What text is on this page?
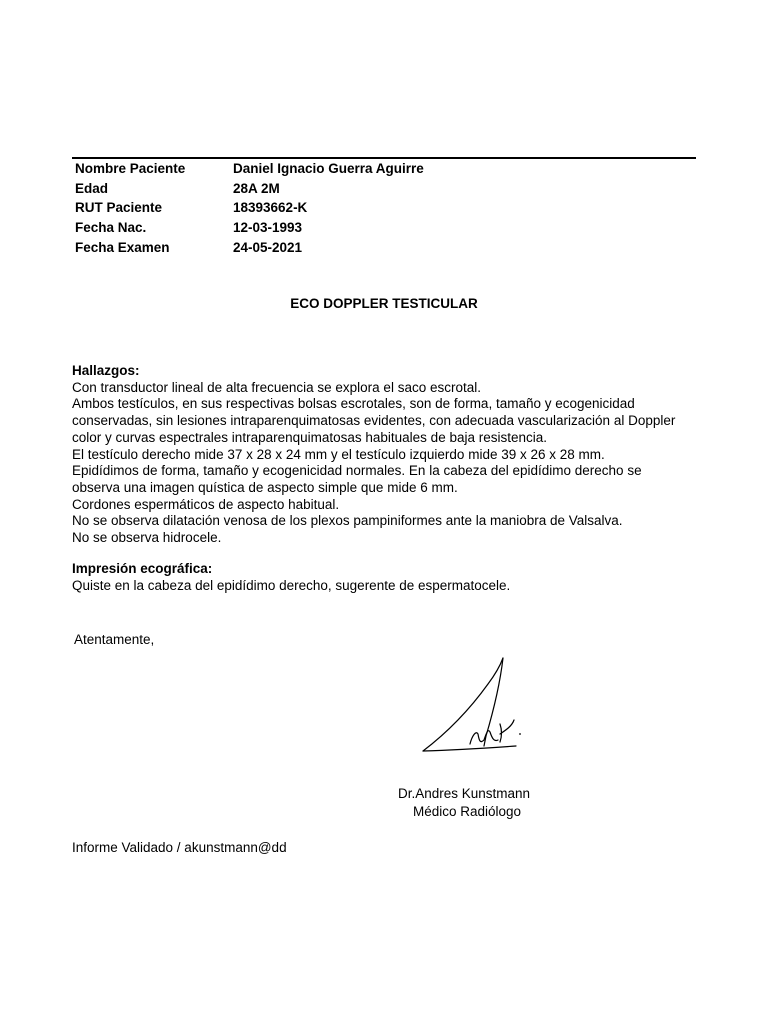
Nombre Paciente	Daniel Ignacio Guerra Aguirre
Edad	28A 2M
RUT Paciente	18393662-K
Fecha Nac.	12-03-1993
Fecha Examen	24-05-2021
ECO DOPPLER TESTICULAR
Hallazgos:

Con transductor lineal de alta frecuencia se explora el saco escrotal.

Ambos testículos, en sus respectivas bolsas escrotales, son de forma, tamaño y ecogenicidad

conservadas, sin lesiones intraparenquimatosas evidentes, con adecuada vascularización al Doppler

color y curvas espectrales intraparenquimatosas habituales de baja resistencia.

El testículo derecho mide 37 x 28 x 24 mm y el testículo izquierdo mide 39 x 26 x 28 mm.

Epidídimos de forma, tamaño y ecogenicidad normales. En la cabeza del epidídimo derecho se

observa una imagen quística de aspecto simple que mide 6 mm.

Cordones espermáticos de aspecto habitual.

No se observa dilatación venosa de los plexos pampiniformes ante la maniobra de Valsalva.

No se observa hidrocele.

Impresión ecográfica:

Quiste en la cabeza del epidídimo derecho, sugerente de espermatocele.

Atentamente,
Dr.Andres Kunstmann
Médico Radiólogo
Informe Validado / akunstmann@dd
